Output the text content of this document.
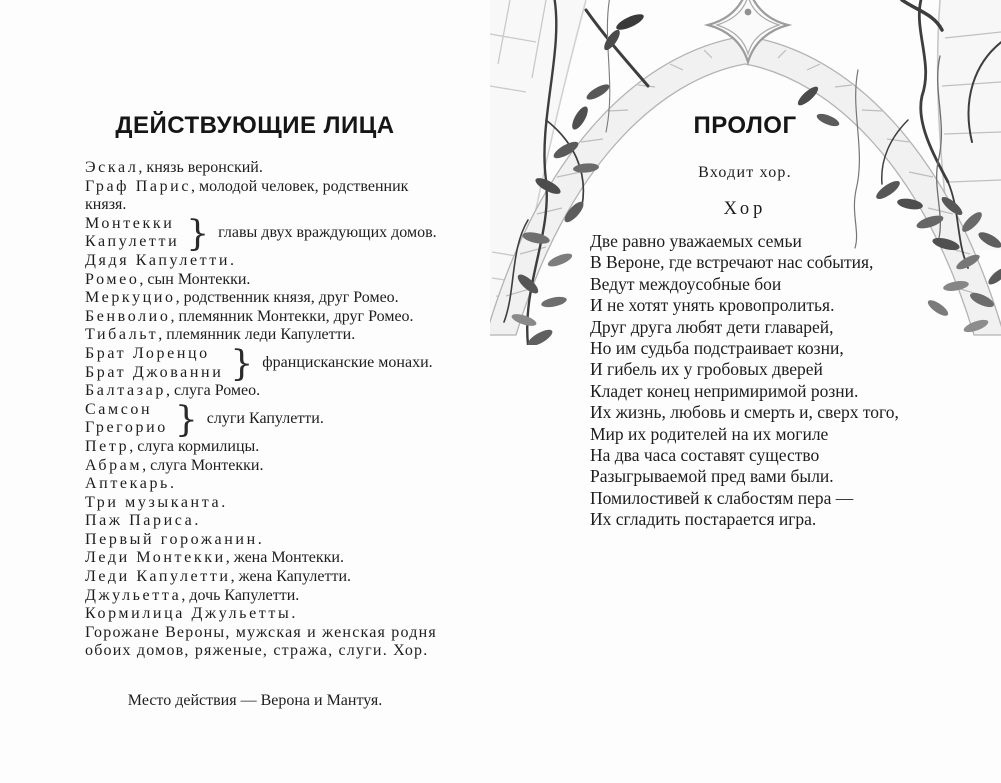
ДЕЙСТВУЮЩИЕ ЛИЦА
Эскал, князь веронский.
Граф Парис, молодой человек, родственник князя.
Монтекки
Капулетти } главы двух враждующих домов.
Дядя Капулетти.
Ромео, сын Монтекки.
Меркуцио, родственник князя, друг Ромео.
Бенволио, племянник Монтекки, друг Ромео.
Тибальт, племянник леди Капулетти.
Брат Лоренцо
Брат Джованни } францисканские монахи.
Балтазар, слуга Ромео.
Самсон
Грегорио } слуги Капулетти.
Петр, слуга кормилицы.
Абрам, слуга Монтекки.
Аптекарь.
Три музыканта.
Паж Париса.
Первый горожанин.
Леди Монтекки, жена Монтекки.
Леди Капулетти, жена Капулетти.
Джульетта, дочь Капулетти.
Кормилица Джульетты.
Горожане Вероны, мужская и женская родня обоих домов, ряженые, стража, слуги. Хор.
Место действия — Верона и Мантуя.
ПРОЛОГ
Входит хор.
Хор
Две равно уважаемых семьи
В Вероне, где встречают нас события,
Ведут междоусобные бои
И не хотят унять кровопролитья.
Друг друга любят дети главарей,
Но им судьба подстраивает козни,
И гибель их у гробовых дверей
Кладет конец непримиримой розни.
Их жизнь, любовь и смерть и, сверх того,
Мир их родителей на их могиле
На два часа составят существо
Разыгрываемой пред вами были.
Помилостивей к слабостям пера —
Их сгладить постарается игра.
